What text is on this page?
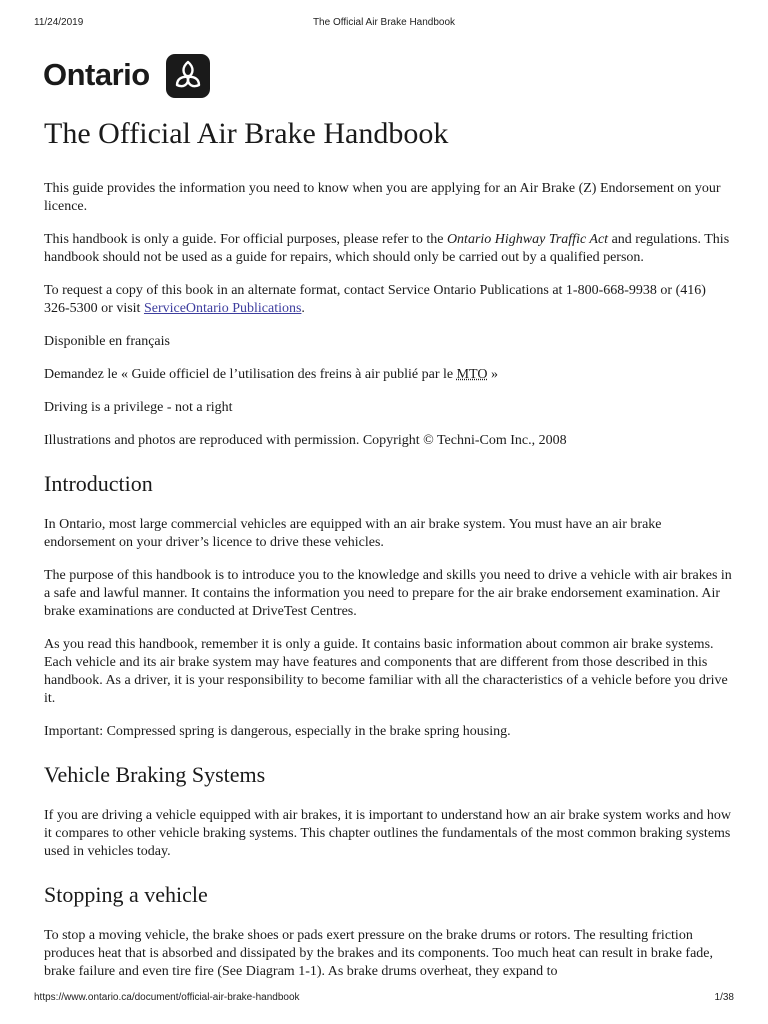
11/24/2019	The Official Air Brake Handbook
Ontario
The Official Air Brake Handbook

This guide provides the information you need to know when you are applying for an Air Brake (Z) Endorsement on your licence.

This handbook is only a guide. For official purposes, please refer to the Ontario Highway Traffic Act and regulations. This handbook should not be used as a guide for repairs, which should only be carried out by a qualified person.

To request a copy of this book in an alternate format, contact Service Ontario Publications at 1-800-668-9938 or (416) 326-5300 or visit ServiceOntario Publications.

Disponible en français

Demandez le « Guide officiel de l’utilisation des freins à air publié par le MTO »

Driving is a privilege - not a right

Illustrations and photos are reproduced with permission. Copyright © Techni-Com Inc., 2008

Introduction

In Ontario, most large commercial vehicles are equipped with an air brake system. You must have an air brake endorsement on your driver’s licence to drive these vehicles.

The purpose of this handbook is to introduce you to the knowledge and skills you need to drive a vehicle with air brakes in a safe and lawful manner. It contains the information you need to prepare for the air brake endorsement examination. Air brake examinations are conducted at DriveTest Centres.

As you read this handbook, remember it is only a guide. It contains basic information about common air brake systems. Each vehicle and its air brake system may have features and components that are different from those described in this handbook. As a driver, it is your responsibility to become familiar with all the characteristics of a vehicle before you drive it.

Important: Compressed spring is dangerous, especially in the brake spring housing.

Vehicle Braking Systems

If you are driving a vehicle equipped with air brakes, it is important to understand how an air brake system works and how it compares to other vehicle braking systems. This chapter outlines the fundamentals of the most common braking systems used in vehicles today.

Stopping a vehicle

To stop a moving vehicle, the brake shoes or pads exert pressure on the brake drums or rotors. The resulting friction produces heat that is absorbed and dissipated by the brakes and its components. Too much heat can result in brake fade, brake failure and even tire fire (See Diagram 1-1). As brake drums overheat, they expand to

https://www.ontario.ca/document/official-air-brake-handbook	1/38
